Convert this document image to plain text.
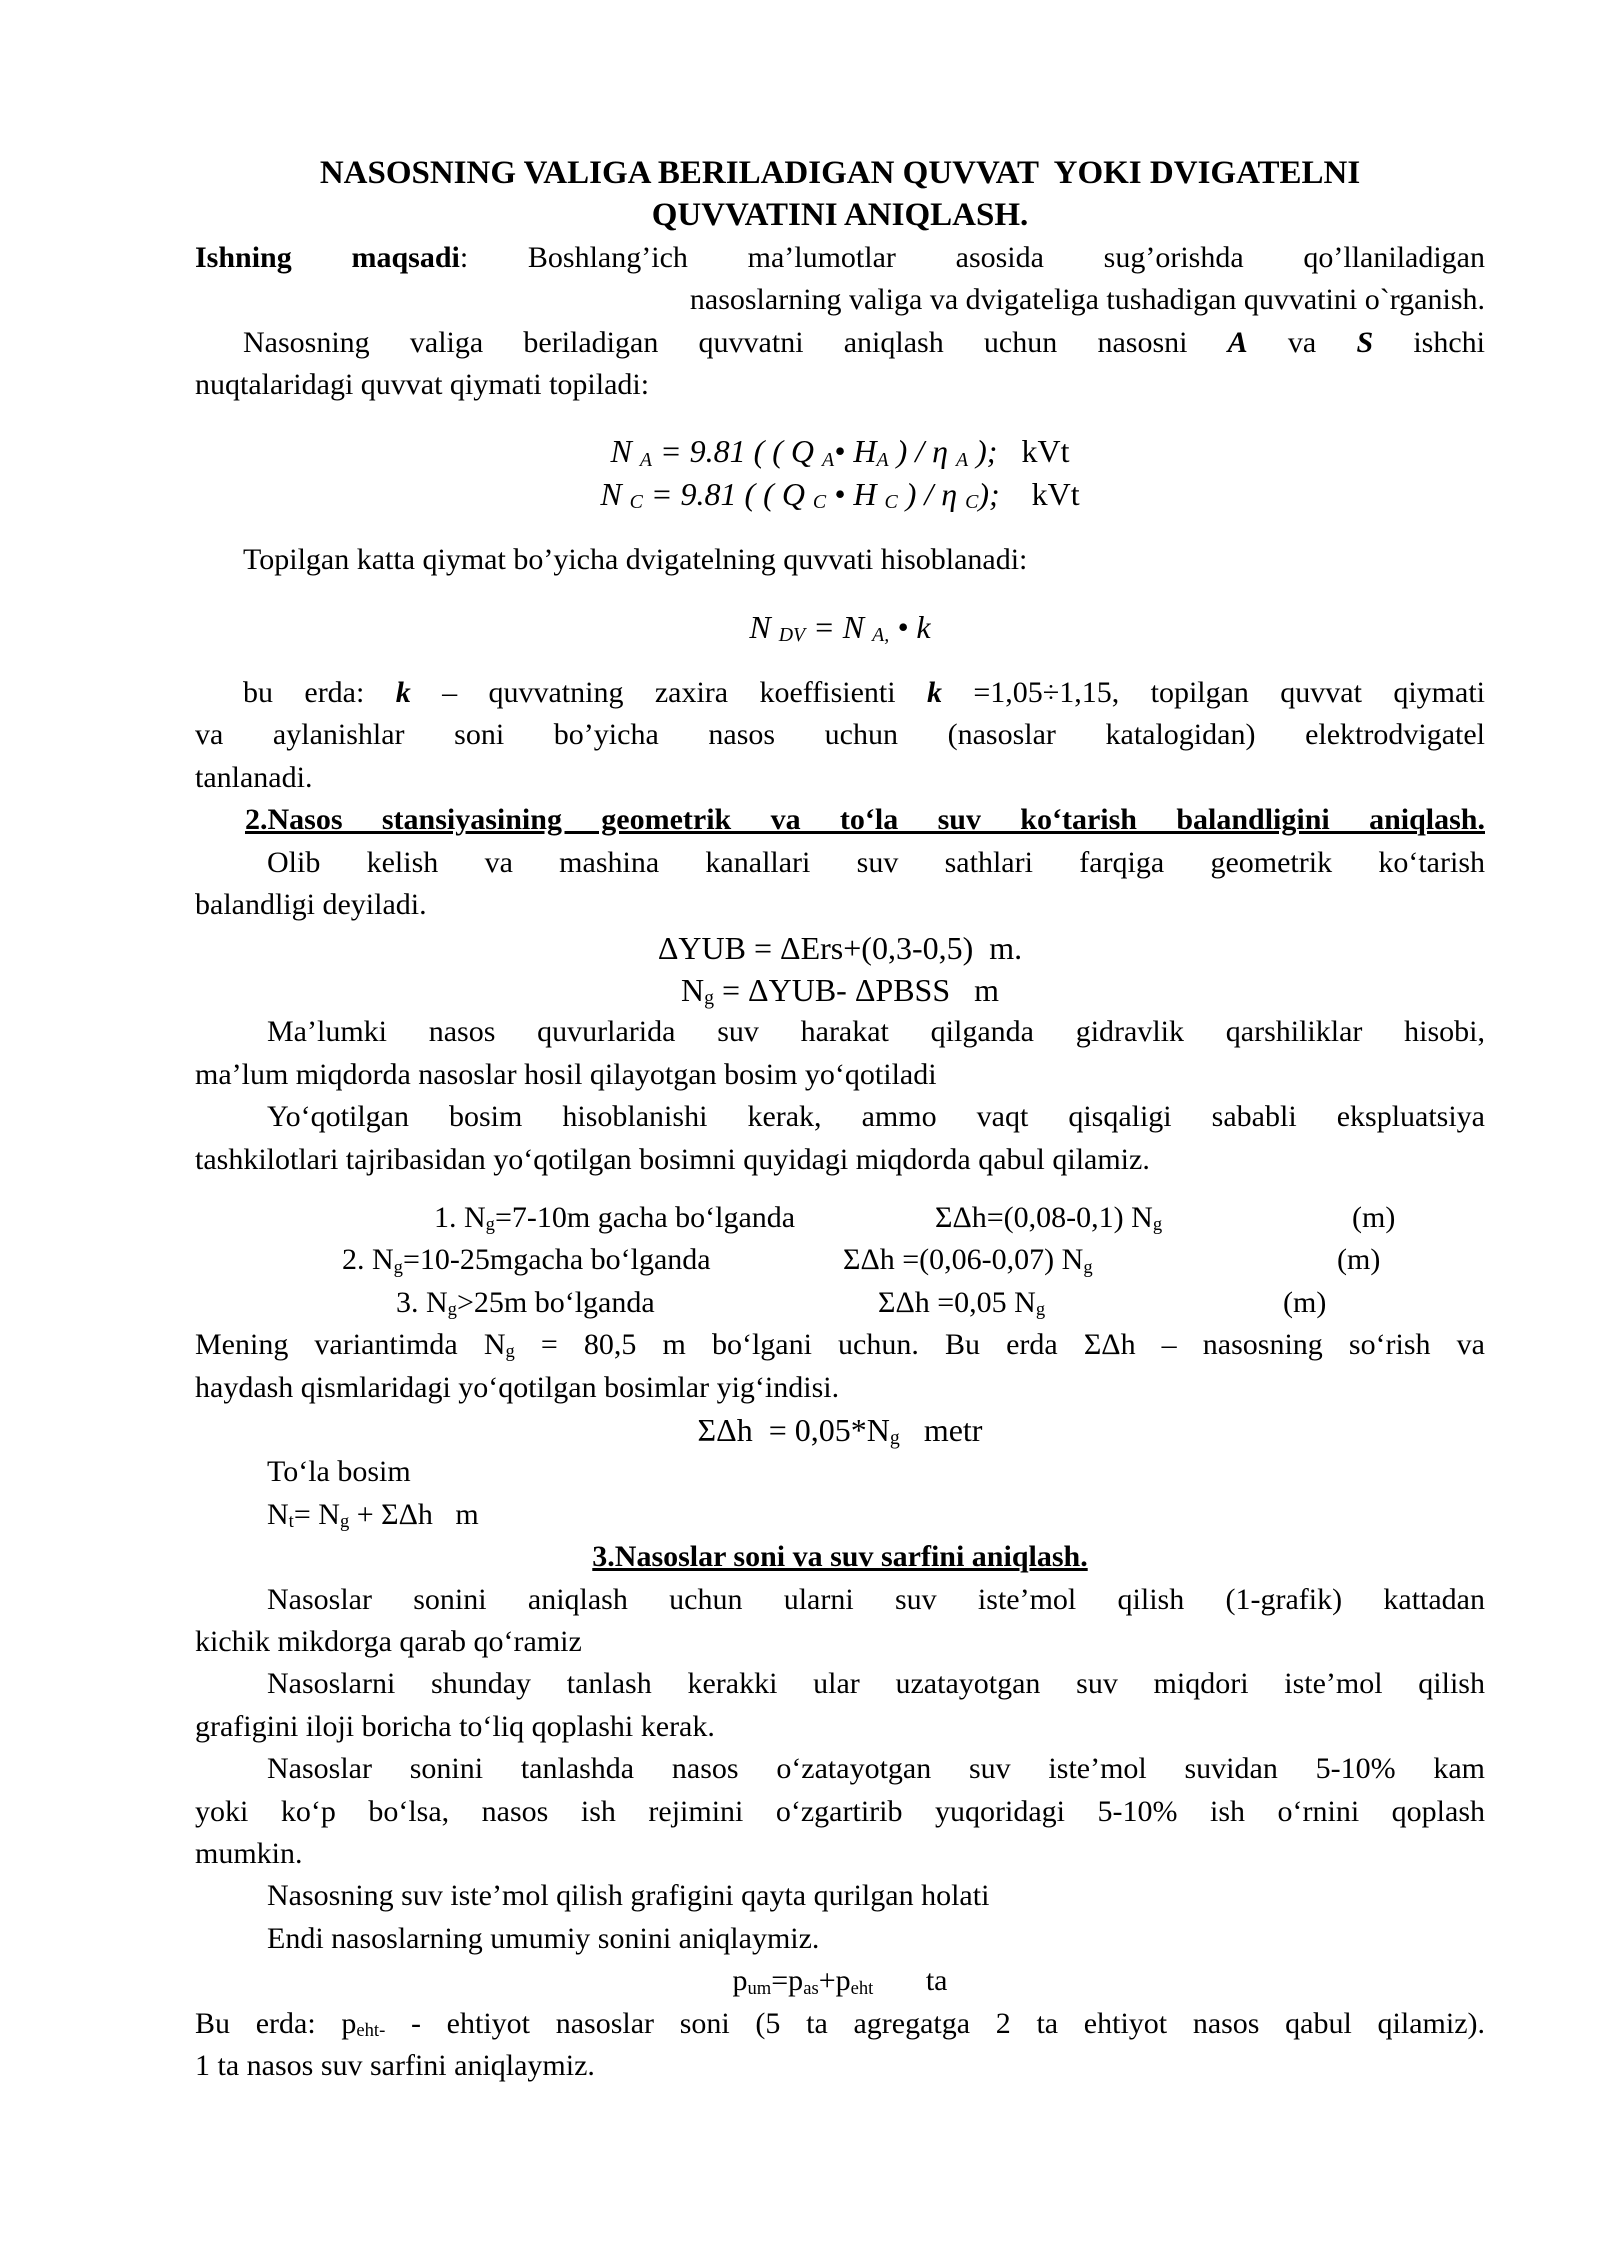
NASOSNING VALIGA BERILADIGAN QUVVAT  YOKI DVIGATELNI
QUVVATINI ANIQLASH.
Ishning maqsadi: Boshlang’ich ma’lumotlar asosida sug’orishda qo’llaniladigan
nasoslarning valiga va dvigateliga tushadigan quvvatini o`rganish.
Nasosning valiga beriladigan quvvatni aniqlash uchun nasosni A va S ishchi
nuqtalaridagi quvvat qiymati topiladi:
N $_A$ = 9.81 ( ( Q $_A$• $H_A$ ) / η $_A$ );   kVt
N $_C$ = 9.81 ( ( Q $_C$ • H $_C$ ) / η $_C$);    kVt
Topilgan katta qiymat bo’yicha dvigatelning quvvati hisoblanadi:
N $_{DV}$ = N $_{A,}$ • k
bu erda: k – quvvatning zaxira koeffisienti k =1,05÷1,15, topilgan quvvat qiymati
va aylanishlar soni bo’yicha nasos uchun (nasoslar katalogidan) elektrodvigatel
tanlanadi.
2.Nasos stansiyasining geometrik va to‘la suv ko‘tarish balandligini aniqlash.
Olib kelish va mashina kanallari suv sathlari farqiga geometrik ko‘tarish
balandligi deyiladi.
ΔYUB = ΔErs+(0,3-0,5)  m.
$N_g = \Delta YUB-$ ΔPBSS   m
Ma’lumki nasos quvurlarida suv harakat qilganda gidravlik qarshiliklar hisobi,
ma’lum miqdorda nasoslar hosil qilayotgan bosim yo‘qotiladi
Yo‘qotilgan bosim hisoblanishi kerak, ammo vaqt qisqaligi sababli ekspluatsiya
tashkilotlari tajribasidan yo‘qotilgan bosimni quyidagi miqdorda qabul qilamiz.
1. $N_g=7-10m$ gacha bo‘lganda	ΣΔh=(0,08-0,1) $N_g$	(m)
2. $N_g=10-25mgacha$ bo‘lganda	ΣΔh =(0,06-0,07) $N_g$	(m)
3. $N_g>25m$ bo‘lganda	ΣΔh =0,05 $N_g$	(m)
Mening variantimda $N_g = 80,5$ m bo‘lgani uchun. Bu erda ΣΔh – nasosning so‘rish va
haydash qismlaridagi yo‘qotilgan bosimlar yig‘indisi.
$\Sigma\Delta h = 0,05*N_g$   metr
To‘la bosim
$N_t= N_g + \Sigma\Delta h$   m
3.Nasoslar soni va suv sarfini aniqlash.
Nasoslar sonini aniqlash uchun ularni suv iste’mol qilish (1-grafik) kattadan
kichik mikdorga qarab qo‘ramiz
Nasoslarni shunday tanlash kerakki ular uzatayotgan suv miqdori iste’mol qilish
grafigini iloji boricha to‘liq qoplashi kerak.
Nasoslar sonini tanlashda nasos o‘zatayotgan suv iste’mol suvidan 5-10% kam
yoki ko‘p bo‘lsa, nasos ish rejimini o‘zgartirib yuqoridagi 5-10% ish o‘rnini qoplash
mumkin.
Nasosning suv iste’mol qilish grafigini qayta qurilgan holati
Endi nasoslarning umumiy sonini aniqlaymiz.
$p_{um}=p_{as}+p_{eht}$       ta
Bu erda: $p_{eht-}$ - ehtiyot nasoslar soni (5 ta agregatga 2 ta ehtiyot nasos qabul qilamiz).
1 ta nasos suv sarfini aniqlaymiz.
